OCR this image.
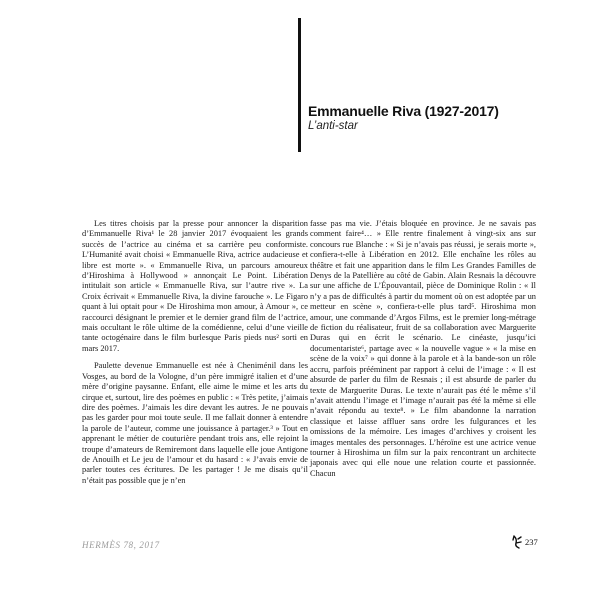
Emmanuelle Riva (1927-2017)
L’anti-star

Les titres choisis par la presse pour annoncer la disparition d’Emmanuelle Riva¹ le 28 janvier 2017 évoquaient les grands succès de l’actrice au cinéma et sa carrière peu conformiste. L’Humanité avait choisi « Emmanuelle Riva, actrice audacieuse et libre est morte ». « Emmanuelle Riva, un parcours amoureux d’Hiroshima à Hollywood » annonçait Le Point. Libération intitulait son article « Emmanuelle Riva, sur l’autre rive ». La Croix écrivait « Emmanuelle Riva, la divine farouche ». Le Figaro quant à lui optait pour « De Hiroshima mon amour, à Amour », ce raccourci désignant le premier et le dernier grand film de l’actrice, mais occultant le rôle ultime de la comédienne, celui d’une vieille tante octogénaire dans le film burlesque Paris pieds nus² sorti en mars 2017.

Paulette devenue Emmanuelle est née à Cheniménil dans les Vosges, au bord de la Vologne, d’un père immigré italien et d’une mère d’origine paysanne. Enfant, elle aime le mime et les arts du cirque et, surtout, lire des poèmes en public : « Très petite, j’aimais dire des poèmes. J’aimais les dire devant les autres. Je ne pouvais pas les garder pour moi toute seule. Il me fallait donner à entendre la parole de l’auteur, comme une jouissance à partager.³ » Tout en apprenant le métier de couturière pendant trois ans, elle rejoint la troupe d’amateurs de Remiremont dans laquelle elle joue Antigone de Anouilh et Le jeu de l’amour et du hasard : « J’avais envie de parler toutes ces écritures. De les partager ! Je me disais qu’il n’était pas possible que je n’en

fasse pas ma vie. J’étais bloquée en province. Je ne savais pas comment faire⁴… » Elle rentre finalement à vingt-six ans sur concours rue Blanche : « Si je n’avais pas réussi, je serais morte », confiera-t-elle à Libération en 2012. Elle enchaîne les rôles au théâtre et fait une apparition dans le film Les Grandes Familles de Denys de la Patellière au côté de Gabin. Alain Resnais la découvre sur une affiche de L’Épouvantail, pièce de Dominique Rolin : « Il n’y a pas de difficultés à partir du moment où on est adoptée par un metteur en scène », confiera-t-elle plus tard⁵. Hiroshima mon amour, une commande d’Argos Films, est le premier long-métrage de fiction du réalisateur, fruit de sa collaboration avec Marguerite Duras qui en écrit le scénario. Le cinéaste, jusqu’ici documentariste⁶, partage avec « la nouvelle vague » « la mise en scène de la voix⁷ » qui donne à la parole et à la bande-son un rôle accru, parfois prééminent par rapport à celui de l’image : « Il est absurde de parler du film de Resnais ; il est absurde de parler du texte de Marguerite Duras. Le texte n’aurait pas été le même s’il n’avait attendu l’image et l’image n’aurait pas été la même si elle n’avait répondu au texte⁸. » Le film abandonne la narration classique et laisse affluer sans ordre les fulgurances et les omissions de la mémoire. Les images d’archives y croisent les images mentales des personnages. L’héroïne est une actrice venue tourner à Hiroshima un film sur la paix rencontrant un architecte japonais avec qui elle noue une relation courte et passionnée. Chacun

HERMÈS 78, 2017	237
